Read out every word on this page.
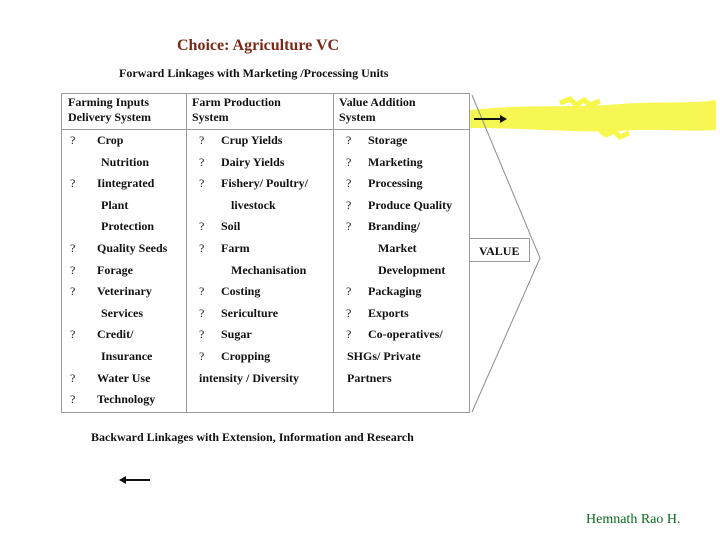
Choice: Agriculture VC
Forward Linkages with Marketing /Processing Units
Farming Inputs
Delivery System
Farm Production
System
Value Addition
System
? Crop
Nutrition
? Iintegrated
Plant
Protection
? Quality Seeds
? Forage
? Veterinary
Services
? Credit/
Insurance
? Water Use
? Technology
? Crup Yields
? Dairy Yields
? Fishery/ Poultry/
livestock
? Soil
? Farm
Mechanisation
? Costing
? Sericulture
? Sugar
? Cropping
intensity / Diversity
? Storage
? Marketing
? Processing
? Produce Quality
? Branding/
Market
Development
? Packaging
? Exports
? Co-operatives/
SHGs/ Private
Partners
VALUE
Backward Linkages with Extension, Information and Research
Hemnath Rao H.
